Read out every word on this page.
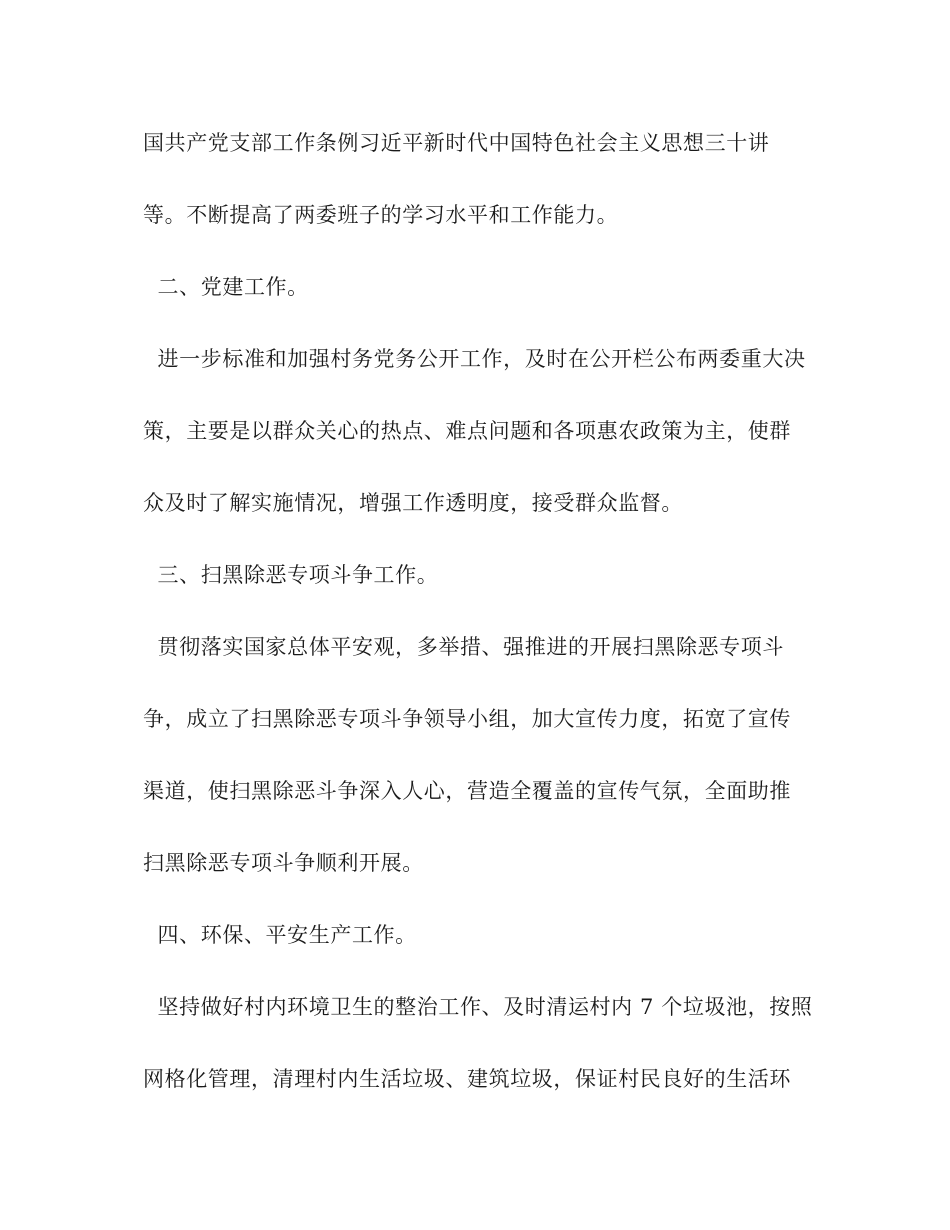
国共产党支部工作条例习近平新时代中国特色社会主义思想三十讲

等。不断提高了两委班子的学习水平和工作能力。

二、党建工作。

进一步标准和加强村务党务公开工作，及时在公开栏公布两委重大决

策，主要是以群众关心的热点、难点问题和各项惠农政策为主，使群

众及时了解实施情况，增强工作透明度，接受群众监督。

三、扫黑除恶专项斗争工作。

贯彻落实国家总体平安观，多举措、强推进的开展扫黑除恶专项斗

争，成立了扫黑除恶专项斗争领导小组，加大宣传力度，拓宽了宣传

渠道，使扫黑除恶斗争深入人心，营造全覆盖的宣传气氛，全面助推

扫黑除恶专项斗争顺利开展。

四、环保、平安生产工作。

坚持做好村内环境卫生的整治工作、及时清运村内 7 个垃圾池，按照

网格化管理，清理村内生活垃圾、建筑垃圾，保证村民良好的生活环
